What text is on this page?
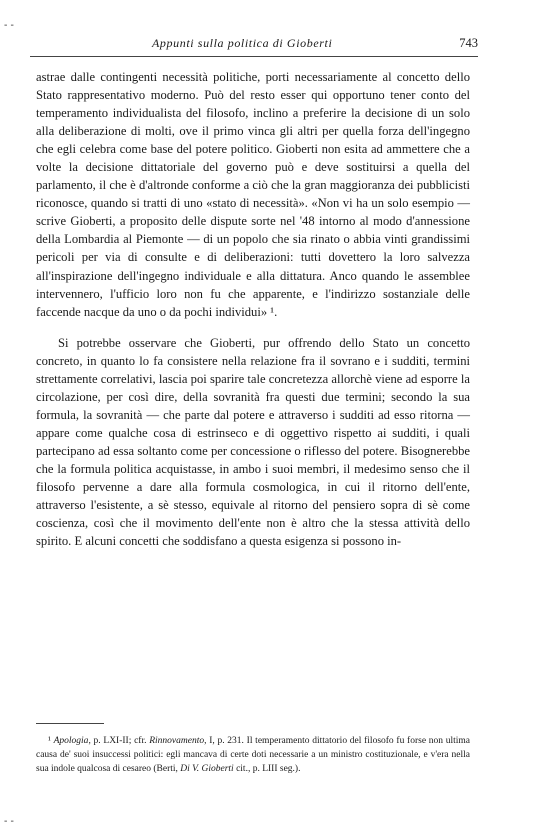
- -
- -
Appunti sulla politica di Gioberti	743

astrae dalle contingenti necessità politiche, porti necessariamente al concetto dello Stato rappresentativo moderno. Può del resto esser qui opportuno tener conto del temperamento individualista del filosofo, inclino a preferire la decisione di un solo alla deliberazione di molti, ove il primo vinca gli altri per quella forza dell'ingegno che egli celebra come base del potere politico. Gioberti non esita ad ammettere che a volte la decisione dittatoriale del governo può e deve sostituirsi a quella del parlamento, il che è d'altronde conforme a ciò che la gran maggioranza dei pubblicisti riconosce, quando si tratti di uno «stato di necessità». «Non vi ha un solo esempio — scrive Gioberti, a proposito delle dispute sorte nel '48 intorno al modo d'annessione della Lombardia al Piemonte — di un popolo che sia rinato o abbia vinti grandissimi pericoli per via di consulte e di deliberazioni: tutti dovettero la loro salvezza all'inspirazione dell'ingegno individuale e alla dittatura. Anco quando le assemblee intervennero, l'ufficio loro non fu che apparente, e l'indirizzo sostanziale delle faccende nacque da uno o da pochi individui» ¹.

Si potrebbe osservare che Gioberti, pur offrendo dello Stato un concetto concreto, in quanto lo fa consistere nella relazione fra il sovrano e i sudditi, termini strettamente correlativi, lascia poi sparire tale concretezza allorchè viene ad esporre la circolazione, per così dire, della sovranità fra questi due termini; secondo la sua formula, la sovranità — che parte dal potere e attraverso i sudditi ad esso ritorna — appare come qualche cosa di estrinseco e di oggettivo rispetto ai sudditi, i quali partecipano ad essa soltanto come per concessione o riflesso del potere. Bisognerebbe che la formula politica acquistasse, in ambo i suoi membri, il medesimo senso che il filosofo pervenne a dare alla formula cosmologica, in cui il ritorno dell'ente, attraverso l'esistente, a sè stesso, equivale al ritorno del pensiero sopra di sè come coscienza, così che il movimento dell'ente non è altro che la stessa attività dello spirito. E alcuni concetti che soddisfano a questa esigenza si possono in-

¹ Apologia, p. LXI-II; cfr. Rinnovamento, I, p. 231. Il temperamento dittatorio del filosofo fu forse non ultima causa de' suoi insuccessi politici: egli mancava di certe doti necessarie a un ministro costituzionale, e v'era nella sua indole qualcosa di cesareo (Berti, Di V. Gioberti cit., p. LIII seg.).
